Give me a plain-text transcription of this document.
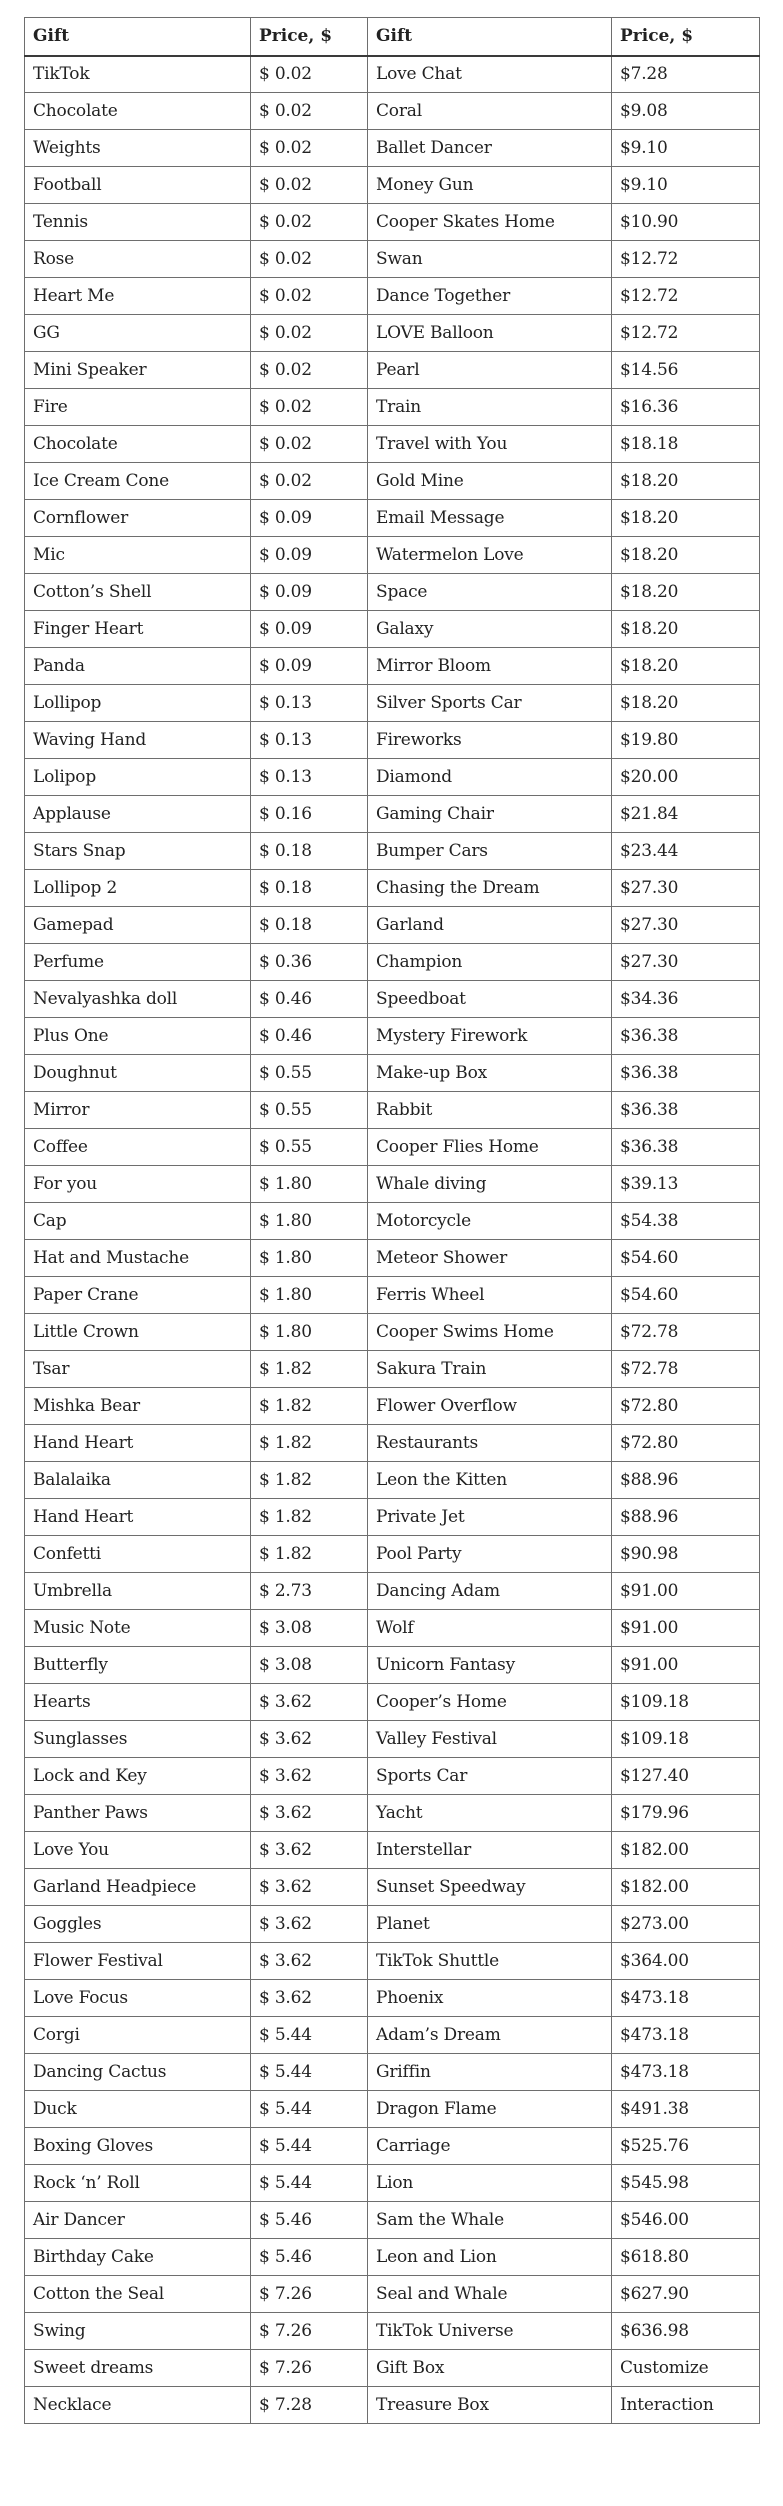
Gift	Price, $	Gift	Price, $
TikTok	$ 0.02	Love Chat	$7.28
Chocolate	$ 0.02	Coral	$9.08
Weights	$ 0.02	Ballet Dancer	$9.10
Football	$ 0.02	Money Gun	$9.10
Tennis	$ 0.02	Cooper Skates Home	$10.90
Rose	$ 0.02	Swan	$12.72
Heart Me	$ 0.02	Dance Together	$12.72
GG	$ 0.02	LOVE Balloon	$12.72
Mini Speaker	$ 0.02	Pearl	$14.56
Fire	$ 0.02	Train	$16.36
Chocolate	$ 0.02	Travel with You	$18.18
Ice Cream Cone	$ 0.02	Gold Mine	$18.20
Cornflower	$ 0.09	Email Message	$18.20
Mic	$ 0.09	Watermelon Love	$18.20
Cotton’s Shell	$ 0.09	Space	$18.20
Finger Heart	$ 0.09	Galaxy	$18.20
Panda	$ 0.09	Mirror Bloom	$18.20
Lollipop	$ 0.13	Silver Sports Car	$18.20
Waving Hand	$ 0.13	Fireworks	$19.80
Lolipop	$ 0.13	Diamond	$20.00
Applause	$ 0.16	Gaming Chair	$21.84
Stars Snap	$ 0.18	Bumper Cars	$23.44
Lollipop 2	$ 0.18	Chasing the Dream	$27.30
Gamepad	$ 0.18	Garland	$27.30
Perfume	$ 0.36	Champion	$27.30
Nevalyashka doll	$ 0.46	Speedboat	$34.36
Plus One	$ 0.46	Mystery Firework	$36.38
Doughnut	$ 0.55	Make-up Box	$36.38
Mirror	$ 0.55	Rabbit	$36.38
Coffee	$ 0.55	Cooper Flies Home	$36.38
For you	$ 1.80	Whale diving	$39.13
Cap	$ 1.80	Motorcycle	$54.38
Hat and Mustache	$ 1.80	Meteor Shower	$54.60
Paper Crane	$ 1.80	Ferris Wheel	$54.60
Little Crown	$ 1.80	Cooper Swims Home	$72.78
Tsar	$ 1.82	Sakura Train	$72.78
Mishka Bear	$ 1.82	Flower Overflow	$72.80
Hand Heart	$ 1.82	Restaurants	$72.80
Balalaika	$ 1.82	Leon the Kitten	$88.96
Hand Heart	$ 1.82	Private Jet	$88.96
Confetti	$ 1.82	Pool Party	$90.98
Umbrella	$ 2.73	Dancing Adam	$91.00
Music Note	$ 3.08	Wolf	$91.00
Butterfly	$ 3.08	Unicorn Fantasy	$91.00
Hearts	$ 3.62	Cooper’s Home	$109.18
Sunglasses	$ 3.62	Valley Festival	$109.18
Lock and Key	$ 3.62	Sports Car	$127.40
Panther Paws	$ 3.62	Yacht	$179.96
Love You	$ 3.62	Interstellar	$182.00
Garland Headpiece	$ 3.62	Sunset Speedway	$182.00
Goggles	$ 3.62	Planet	$273.00
Flower Festival	$ 3.62	TikTok Shuttle	$364.00
Love Focus	$ 3.62	Phoenix	$473.18
Corgi	$ 5.44	Adam’s Dream	$473.18
Dancing Cactus	$ 5.44	Griffin	$473.18
Duck	$ 5.44	Dragon Flame	$491.38
Boxing Gloves	$ 5.44	Carriage	$525.76
Rock ‘n’ Roll	$ 5.44	Lion	$545.98
Air Dancer	$ 5.46	Sam the Whale	$546.00
Birthday Cake	$ 5.46	Leon and Lion	$618.80
Cotton the Seal	$ 7.26	Seal and Whale	$627.90
Swing	$ 7.26	TikTok Universe	$636.98
Sweet dreams	$ 7.26	Gift Box	Customize
Necklace	$ 7.28	Treasure Box	Interaction
